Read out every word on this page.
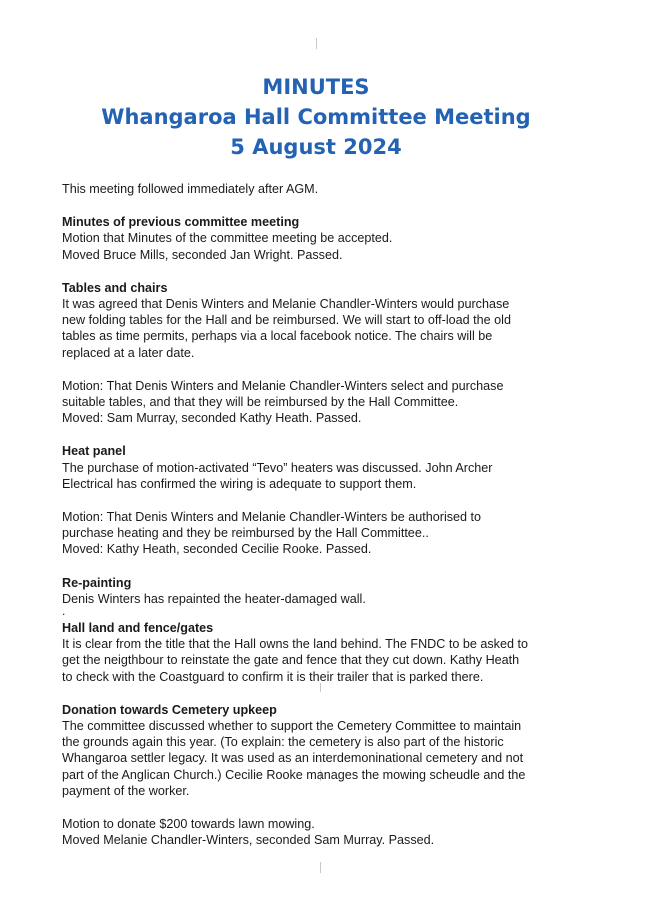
MINUTES
Whangaroa Hall Committee Meeting
5 August 2024

This meeting followed immediately after AGM.

Minutes of previous committee meeting

Motion that Minutes of the committee meeting be accepted.

Moved Bruce Mills, seconded Jan Wright. Passed.

Tables and chairs

It was agreed that Denis Winters and Melanie Chandler-Winters would purchase

new folding tables for the Hall and be reimbursed. We will start to off-load the old

tables as time permits, perhaps via a local facebook notice. The chairs will be

replaced at a later date.

Motion: That Denis Winters and Melanie Chandler-Winters select and purchase

suitable tables, and that they will be reimbursed by the Hall Committee.

Moved: Sam Murray, seconded Kathy Heath. Passed.

Heat panel

The purchase of motion-activated “Tevo” heaters was discussed. John Archer

Electrical has confirmed the wiring is adequate to support them.

Motion: That Denis Winters and Melanie Chandler-Winters be authorised to

purchase heating and they be reimbursed by the Hall Committee..

Moved: Kathy Heath, seconded Cecilie Rooke. Passed.

Re-painting

Denis Winters has repainted the heater-damaged wall.

.

Hall land and fence/gates

It is clear from the title that the Hall owns the land behind. The FNDC to be asked to

get the neigthbour to reinstate the gate and fence that they cut down. Kathy Heath

to check with the Coastguard to confirm it is their trailer that is parked there.

Donation towards Cemetery upkeep

The committee discussed whether to support the Cemetery Committee to maintain

the grounds again this year. (To explain: the cemetery is also part of the historic

Whangaroa settler legacy. It was used as an interdemoninational cemetery and not

part of the Anglican Church.) Cecilie Rooke manages the mowing scheudle and the

payment of the worker.

Motion to donate $200 towards lawn mowing.

Moved Melanie Chandler-Winters, seconded Sam Murray. Passed.
